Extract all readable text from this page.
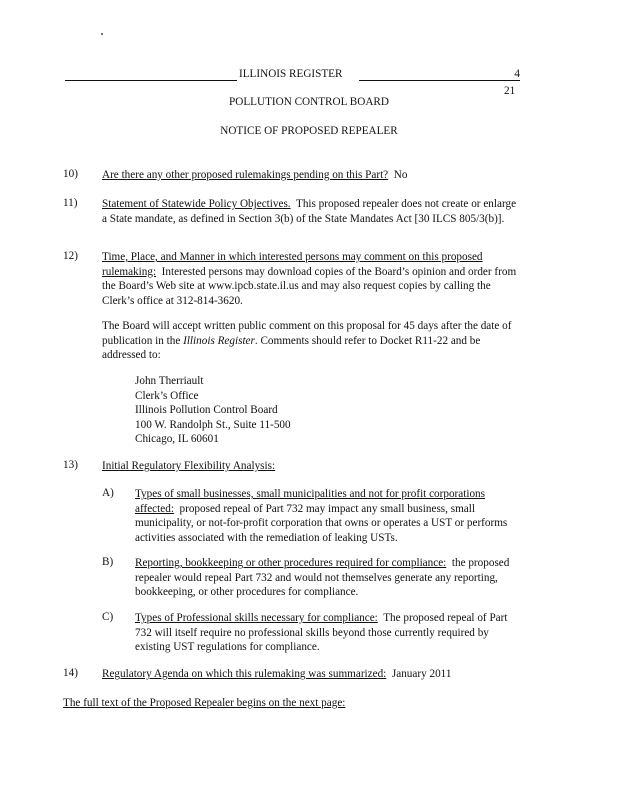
ILLINOIS REGISTER	4
21
POLLUTION CONTROL BOARD
NOTICE OF PROPOSED REPEALER
10) Are there any other proposed rulemakings pending on this Part? No
11) Statement of Statewide Policy Objectives. This proposed repealer does not create or enlarge a State mandate, as defined in Section 3(b) of the State Mandates Act [30 ILCS 805/3(b)].
12) Time, Place, and Manner in which interested persons may comment on this proposed rulemaking: Interested persons may download copies of the Board’s opinion and order from the Board’s Web site at www.ipcb.state.il.us and may also request copies by calling the Clerk’s office at 312-814-3620.
The Board will accept written public comment on this proposal for 45 days after the date of publication in the Illinois Register. Comments should refer to Docket R11-22 and be addressed to:
John Therriault
Clerk’s Office
Illinois Pollution Control Board
100 W. Randolph St., Suite 11-500
Chicago, IL 60601
13) Initial Regulatory Flexibility Analysis:
A) Types of small businesses, small municipalities and not for profit corporations affected: proposed repeal of Part 732 may impact any small business, small municipality, or not-for-profit corporation that owns or operates a UST or performs activities associated with the remediation of leaking USTs.
B) Reporting, bookkeeping or other procedures required for compliance: the proposed repealer would repeal Part 732 and would not themselves generate any reporting, bookkeeping, or other procedures for compliance.
C) Types of Professional skills necessary for compliance: The proposed repeal of Part 732 will itself require no professional skills beyond those currently required by existing UST regulations for compliance.
14) Regulatory Agenda on which this rulemaking was summarized: January 2011
The full text of the Proposed Repealer begins on the next page:
